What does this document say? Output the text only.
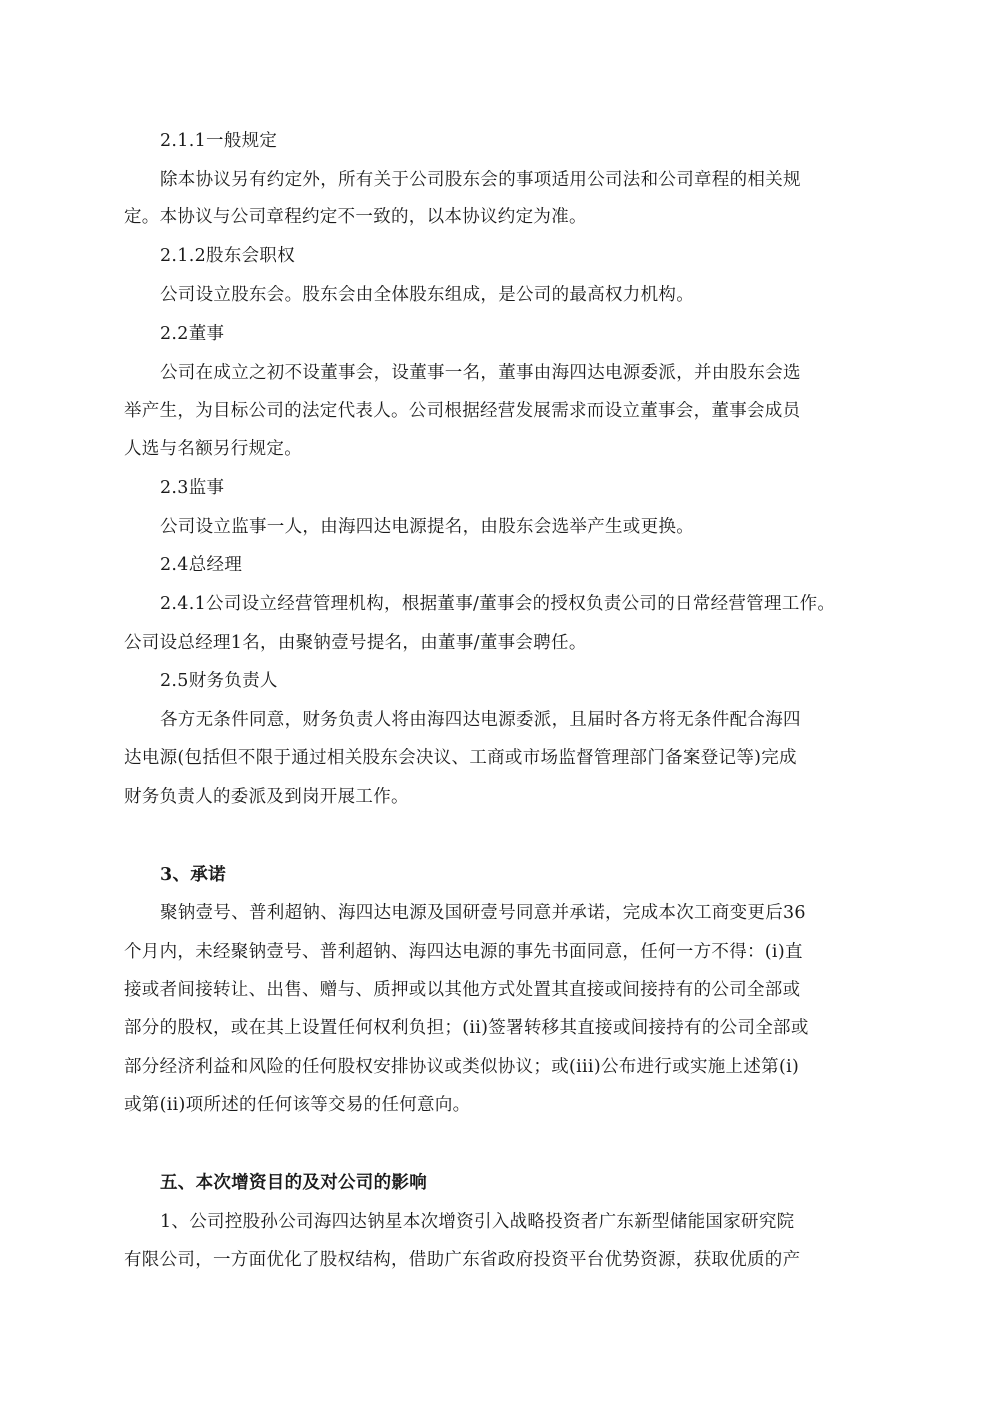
2.1.1一般规定
除本协议另有约定外，所有关于公司股东会的事项适用公司法和公司章程的相关规
定。本协议与公司章程约定不一致的，以本协议约定为准。
2.1.2股东会职权
公司设立股东会。股东会由全体股东组成，是公司的最高权力机构。
2.2董事
公司在成立之初不设董事会，设董事一名，董事由海四达电源委派，并由股东会选
举产生，为目标公司的法定代表人。公司根据经营发展需求而设立董事会，董事会成员
人选与名额另行规定。
2.3监事
公司设立监事一人，由海四达电源提名，由股东会选举产生或更换。
2.4总经理
2.4.1公司设立经营管理机构，根据董事/董事会的授权负责公司的日常经营管理工作。
公司设总经理1名，由聚钠壹号提名，由董事/董事会聘任。
2.5财务负责人
各方无条件同意，财务负责人将由海四达电源委派，且届时各方将无条件配合海四
达电源(包括但不限于通过相关股东会决议、工商或市场监督管理部门备案登记等)完成
财务负责人的委派及到岗开展工作。
3、承诺
聚钠壹号、普利超钠、海四达电源及国研壹号同意并承诺，完成本次工商变更后36
个月内，未经聚钠壹号、普利超钠、海四达电源的事先书面同意，任何一方不得：(i)直
接或者间接转让、出售、赠与、质押或以其他方式处置其直接或间接持有的公司全部或
部分的股权，或在其上设置任何权利负担；(ii)签署转移其直接或间接持有的公司全部或
部分经济利益和风险的任何股权安排协议或类似协议；或(iii)公布进行或实施上述第(i)
或第(ii)项所述的任何该等交易的任何意向。
五、本次增资目的及对公司的影响
1、公司控股孙公司海四达钠星本次增资引入战略投资者广东新型储能国家研究院
有限公司，一方面优化了股权结构，借助广东省政府投资平台优势资源，获取优质的产
